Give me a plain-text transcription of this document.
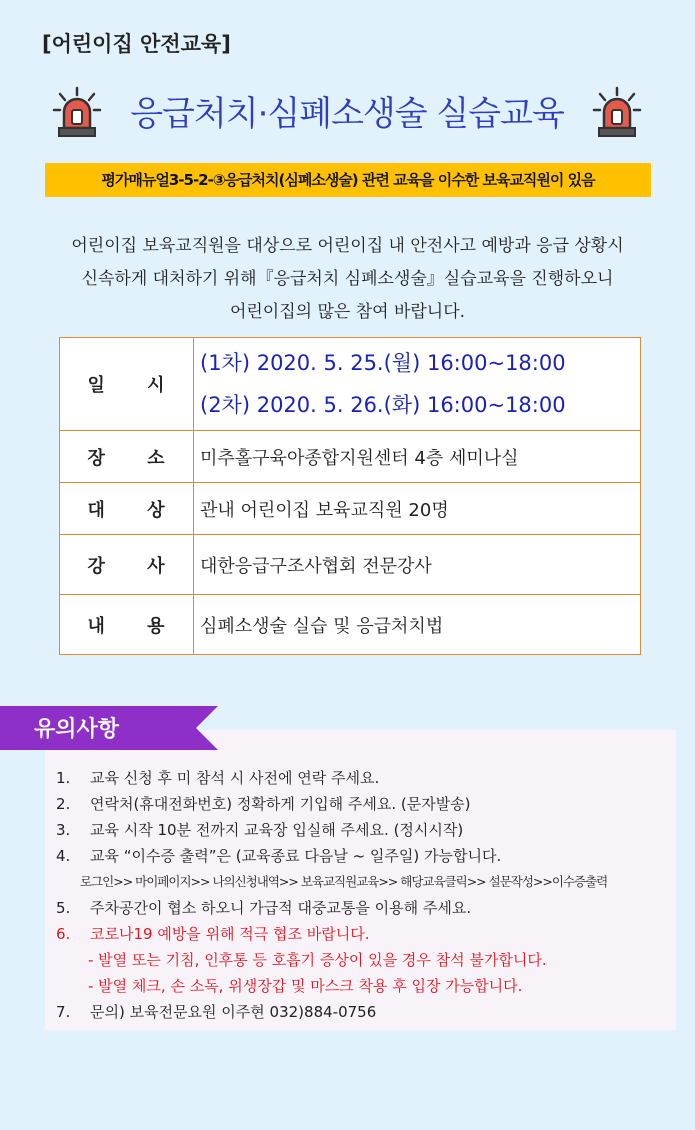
[어린이집 안전교육]
응급처치·심폐소생술 실습교육
평가매뉴얼3-5-2-③응급처치(심폐소생술) 관련 교육을 이수한 보육교직원이 있음
어린이집 보육교직원을 대상으로 어린이집 내 안전사고 예방과 응급 상황시
신속하게 대처하기 위해『응급처치 심폐소생술』실습교육을 진행하오니
어린이집의 많은 참여 바랍니다.
일 시	(1차) 2020. 5. 25.(월) 16:00~18:00
(2차) 2020. 5. 26.(화) 16:00~18:00

장 소	미추홀구육아종합지원센터 4층 세미나실
대 상	관내 어린이집 보육교직원 20명
강 사	대한응급구조사협회 전문강사
내 용	심폐소생술 실습 및 응급처치법
유의사항
1. 교육 신청 후 미 참석 시 사전에 연락 주세요.
2. 연락처(휴대전화번호) 정확하게 기입해 주세요. (문자발송)
3. 교육 시작 10분 전까지 교육장 입실해 주세요. (정시시작)
4. 교육 “이수증 출력”은 (교육종료 다음날 ~ 일주일) 가능합니다.
로그인>> 마이페이지>> 나의신청내역>> 보육교직원교육>> 해당교육클릭>> 설문작성>>이수증출력
5. 주차공간이 협소 하오니 가급적 대중교통을 이용해 주세요.
6. 코로나19 예방을 위해 적극 협조 바랍니다.
- 발열 또는 기침, 인후통 등 호흡기 증상이 있을 경우 참석 불가합니다.
- 발열 체크, 손 소독, 위생장갑 및 마스크 착용 후 입장 가능합니다.
7. 문의) 보육전문요원 이주현 032)884-0756
